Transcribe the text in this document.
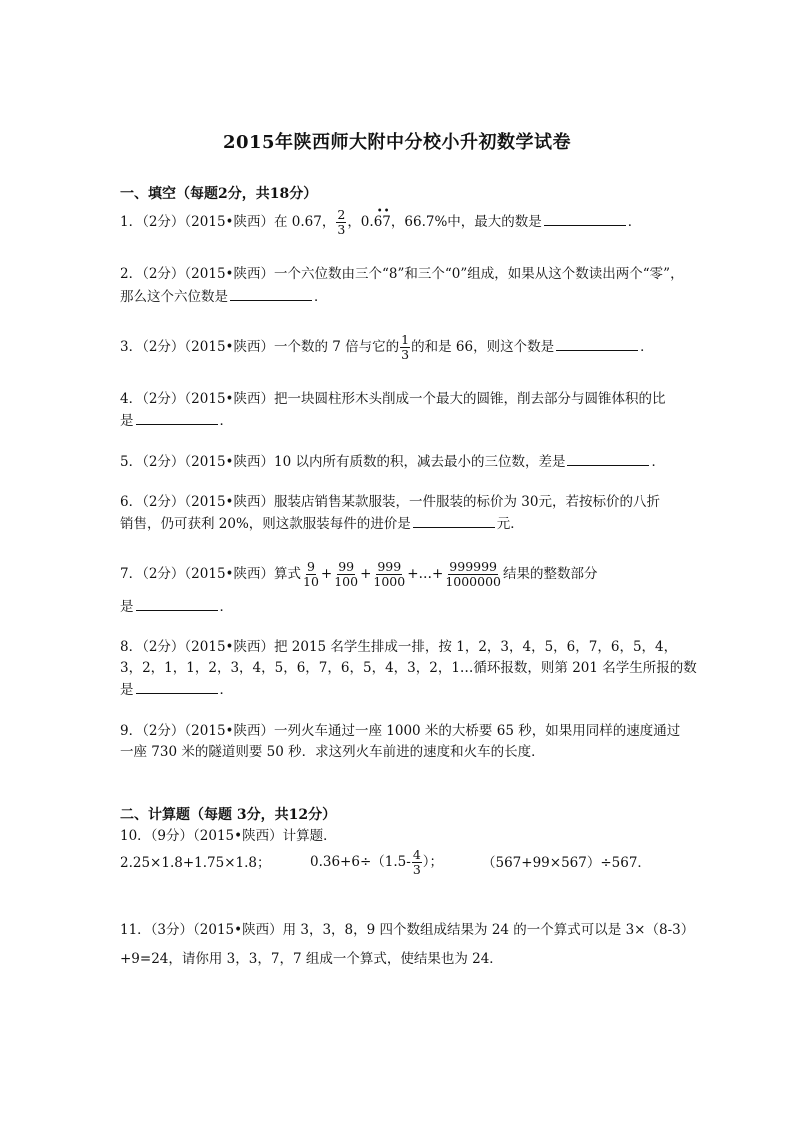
2015年陕西师大附中分校小升初数学试卷
一、填空（每题2分，共18分）
1．（2分）（2015•陕西）在 0.67， $\frac{2}{3}$ ，0.
••
67，66.7%中，最大的数是	．
2．（2分）（2015•陕西）一个六位数由三个“8”和三个“0”组成，如果从这个数读出两个“零”，
那么这个六位数是	．
3．（2分）（2015•陕西）一个数的 7 倍与它的 $\frac{1}{3}$ 的和是 66，则这个数是	．
4．（2分）（2015•陕西）把一块圆柱形木头削成一个最大的圆锥，削去部分与圆锥体积的比
是	．
5．（2分）（2015•陕西）10 以内所有质数的积，减去最小的三位数，差是	．
6．（2分）（2015•陕西）服装店销售某款服装，一件服装的标价为 30元，若按标价的八折
销售，仍可获利 20%，则这款服装每件的进价是	元．
7．（2分）（2015•陕西）算式 $\frac{9}{10} + \frac{99}{100} + \frac{999}{1000}$ +…+ $\frac{999999}{1000000}$ 结果的整数部分
是	．
8．（2分）（2015•陕西）把 2015 名学生排成一排，按 1，2，3，4，5，6，7，6，5，4，
3，2，1，1，2，3，4，5，6，7，6，5，4，3，2，1…循环报数，则第 201 名学生所报的数
是	．
9．（2分）（2015•陕西）一列火车通过一座 1000 米的大桥要 65 秒，如果用同样的速度通过
一座 730 米的隧道则要 50 秒．求这列火车前进的速度和火车的长度．
二、计算题（每题 3分，共12分）
10．（9分）（2015•陕西）计算题．
2.25×1.8+1.75×1.8；	$0.36+6\div(1.5- \frac{4}{3}$ ）；	（567+99×567）÷567．
11．（3分）（2015•陕西）用 3，3，8，9 四个数组成结果为 24 的一个算式可以是 3×（8-3）
+9=24，请你用 3，3，7，7 组成一个算式，使结果也为 24．
